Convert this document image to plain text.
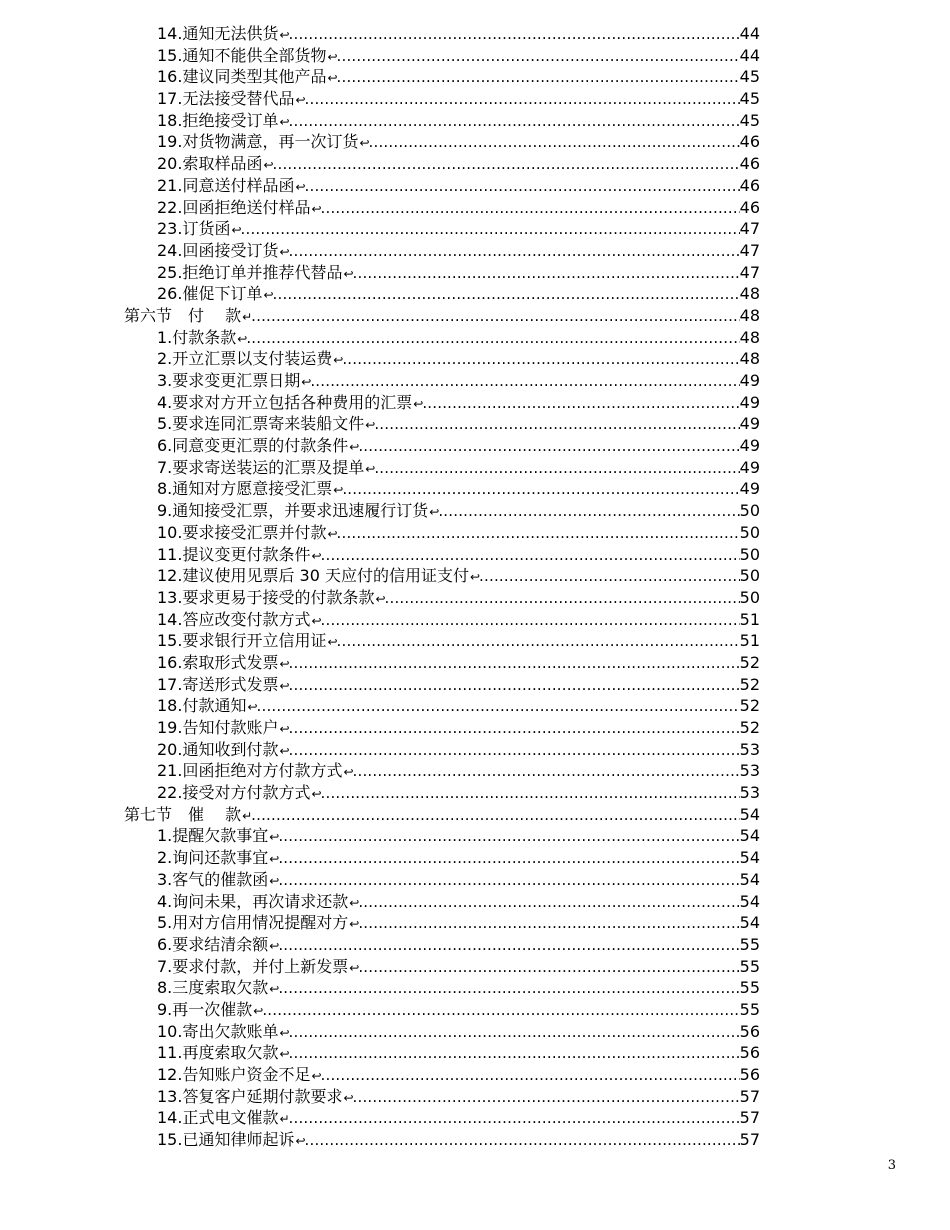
14.通知无法供货 ↩ .....	44
15.通知不能供全部货物 ↩ .....	44
16.建议同类型其他产品 ↩ .....	45
17.无法接受替代品 ↩ .....	45
18.拒绝接受订单 ↩ .....	45
19.对货物满意，再一次订货 ↩ .....	46
20.索取样品函 ↩ .....	46
21.同意送付样品函 ↩ .....	46
22.回函拒绝送付样品 ↩ .....	46
23.订货函 ↩ .....	47
24.回函接受订货 ↩ .....	47
25.拒绝订单并推荐代替品 ↩ .....	47
26.催促下订单 ↩ .....	48
第六节　付　 款 ↵ .....	48
1.付款条款 ↩ .....	48
2.开立汇票以支付装运费 ↩ .....	48
3.要求变更汇票日期 ↩ .....	49
4.要求对方开立包括各种费用的汇票 ↩ .....	49
5.要求连同汇票寄来装船文件 ↩ .....	49
6.同意变更汇票的付款条件 ↩ .....	49
7.要求寄送装运的汇票及提单 ↩ .....	49
8.通知对方愿意接受汇票 ↩ .....	49
9.通知接受汇票，并要求迅速履行订货 ↩ .....	50
10.要求接受汇票并付款 ↩ .....	50
11.提议变更付款条件 ↩ .....	50
12.建议使用见票后 30 天应付的信用证支付 ↩ .....	50
13.要求更易于接受的付款条款 ↩ .....	50
14.答应改变付款方式 ↩ .....	51
15.要求银行开立信用证 ↩ .....	51
16.索取形式发票 ↩ .....	52
17.寄送形式发票 ↩ .....	52
18.付款通知 ↩ .....	52
19.告知付款账户 ↩ .....	52
20.通知收到付款 ↩ .....	53
21.回函拒绝对方付款方式 ↩ .....	53
22.接受对方付款方式 ↩ .....	53
第七节　催　 款 ↵ .....	54
1.提醒欠款事宜 ↩ .....	54
2.询问还款事宜 ↩ .....	54
3.客气的催款函 ↩ .....	54
4.询问未果，再次请求还款 ↩ .....	54
5.用对方信用情况提醒对方 ↩ .....	54
6.要求结清余额 ↩ .....	55
7.要求付款，并付上新发票 ↩ .....	55
8.三度索取欠款 ↩ .....	55
9.再一次催款 ↩ .....	55
10.寄出欠款账单 ↩ .....	56
11.再度索取欠款 ↩ .....	56
12.告知账户资金不足 ↩ .....	56
13.答复客户延期付款要求 ↩ .....	57
14.正式电文催款 ↵ .....	57
15.已通知律师起诉 ↩ .....	57
3
